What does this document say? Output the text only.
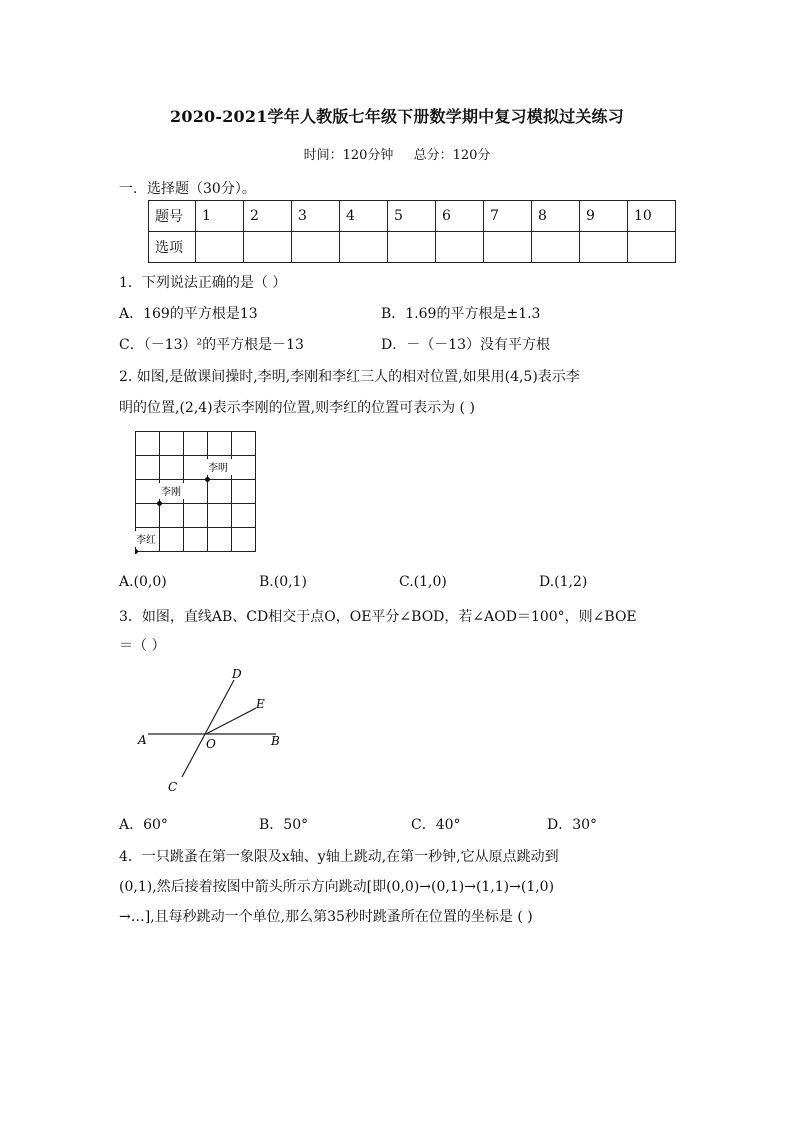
2020-2021学年人教版七年级下册数学期中复习模拟过关练习
时间：120分钟 总分：120分
一．选择题（30分）。
题号	1	2	3	4	5	6	7	8	9	10
选项										
1．下列说法正确的是（ ）
A．169的平方根是13	B．1.69的平方根是±1.3
C．（－13）²的平方根是－13	D．－（－13）没有平方根
2. 如图,是做课间操时,李明,李刚和李红三人的相对位置,如果用(4,5)表示李
明的位置,(2,4)表示李刚的位置,则李红的位置可表示为 ( )
李明
李刚
李红
A.(0,0)	B.(0,1)	C.(1,0)	D.(1,2)
3．如图，直线AB、CD相交于点O，OE平分∠BOD，若∠AOD＝100°，则∠BOE
＝（ ）
A	B
C
D
E
O
A．60°	B．50°	C．40°	D．30°
4．一只跳蚤在第一象限及x轴、y轴上跳动,在第一秒钟,它从原点跳动到
(0,1),然后接着按图中箭头所示方向跳动[即(0,0)→(0,1)→(1,1)→(1,0)
→…],且每秒跳动一个单位,那么第35秒时跳蚤所在位置的坐标是 ( )
